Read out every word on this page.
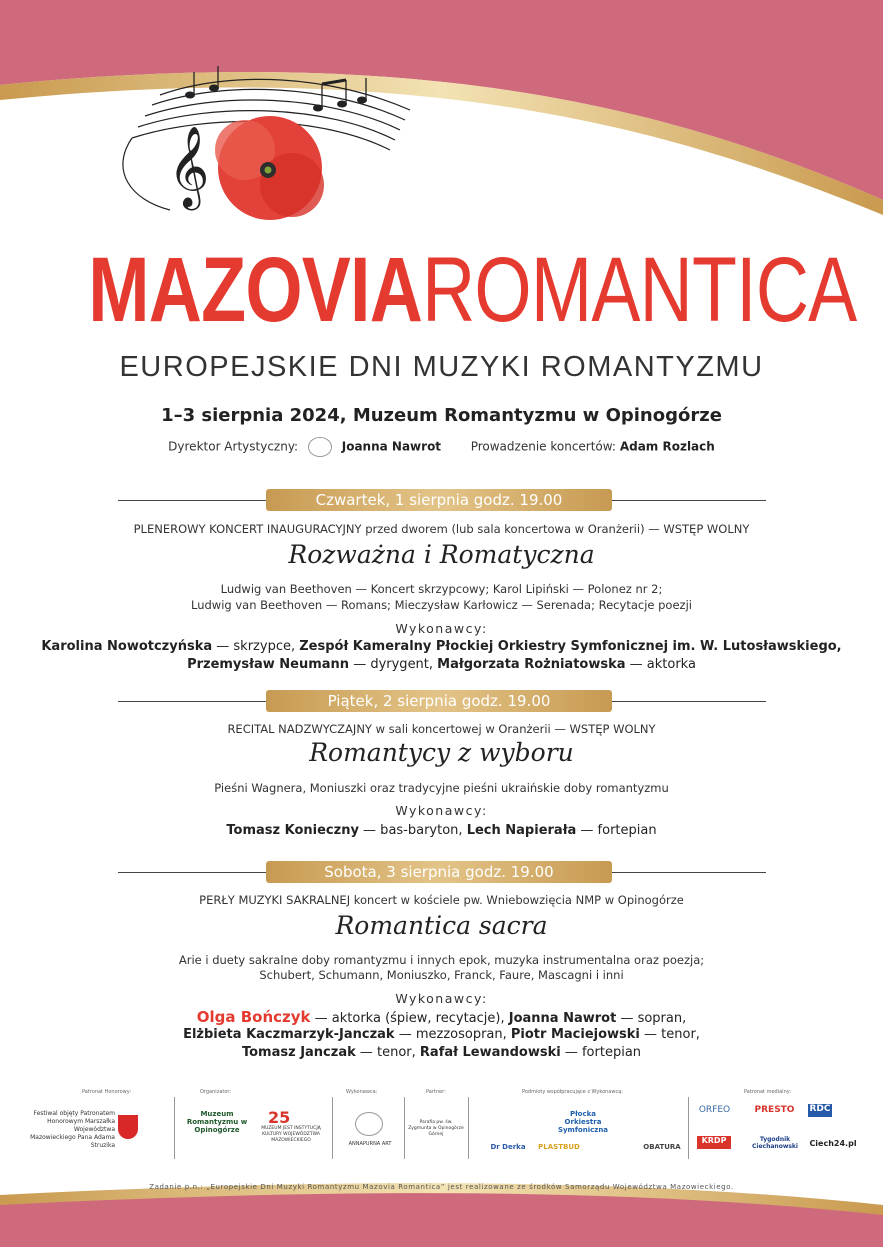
𝄞
MAZOVIAROMANTICA
EUROPEJSKIE DNI MUZYKI ROMANTYZMU
1–3 sierpnia 2024, Muzeum Romantyzmu w Opinogórze
Dyrektor Artystyczny:	Joanna Nawrot Prowadzenie koncertów: Adam Rozlach
Czwartek, 1 sierpnia godz. 19.00
PLENEROWY KONCERT INAUGURACYJNY przed dworem (lub sala koncertowa w Oranżerii) — WSTĘP WOLNY
Rozważna i Romatyczna
Ludwig van Beethoven — Koncert skrzypcowy; Karol Lipiński — Polonez nr 2;
Ludwig van Beethoven — Romans; Mieczysław Karłowicz — Serenada; Recytacje poezji
Wykonawcy:
Karolina Nowotczyńska — skrzypce, Zespół Kameralny Płockiej Orkiestry Symfonicznej im. W. Lutosławskiego,
Przemysław Neumann — dyrygent, Małgorzata Rożniatowska — aktorka
Piątek, 2 sierpnia godz. 19.00
RECITAL NADZWYCZAJNY w sali koncertowej w Oranżerii — WSTĘP WOLNY
Romantycy z wyboru
Pieśni Wagnera, Moniuszki oraz tradycyjne pieśni ukraińskie doby romantyzmu
Wykonawcy:
Tomasz Konieczny — bas-baryton, Lech Napierała — fortepian
Sobota, 3 sierpnia godz. 19.00
PERŁY MUZYKI SAKRALNEJ koncert w kościele pw. Wniebowzięcia NMP w Opinogórze
Romantica sacra
Arie i duety sakralne doby romantyzmu i innych epok, muzyka instrumentalna oraz poezja;
Schubert, Schumann, Moniuszko, Franck, Faure, Mascagni i inni
Wykonawcy:
Olga Bończyk — aktorka (śpiew, recytacje), Joanna Nawrot — sopran,
Elżbieta Kaczmarzyk-Janczak — mezzosopran, Piotr Maciejowski — tenor,
Tomasz Janczak — tenor, Rafał Lewandowski — fortepian
Patronat Honorowy:	Organizator:	Wykonawca:	Partner:	Podmioty współpracujące z Wykonawcą:	Patronat medialny:
Festiwal objęty Patronatem Honorowym Marszałka Województwa Mazowieckiego Pana Adama Struzika
Muzeum Romantyzmu w Opinogórze
25
MUZEUM JEST INSTYTUCJĄ KULTURY WOJEWÓDZTWA MAZOWIECKIEGO
ANNAPURNA ART
Parafia pw. św. Zygmunta w Opinogórze Górnej
Płocka Orkiestra Symfoniczna
PLASTBUD
Dr Derka	OBATURA
ORFEO	PRESTO RDC
KRDP	Tygodnik Ciechanowski Ciech24.pl
Zadanie p.n.: „Europejskie Dni Muzyki Romantyzmu Mazovia Romantica” jest realizowane ze środków Samorządu Województwa Mazowieckiego.
